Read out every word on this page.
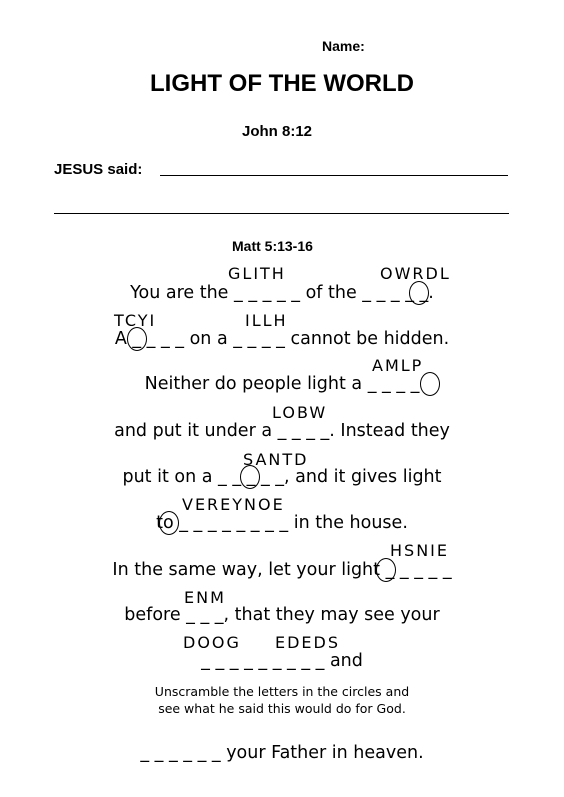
Name:
LIGHT OF THE WORLD
John 8:12
JESUS said:
Matt 5:13-16
GLITH	OWRDL
TCYI	ILLH
AMLP
LOBW
SANTD
VEREYNOE
HSNIE
ENM
DOOG EDEDS
You are the _ _ _ _ _ of the _ _ _ _ _.
A _ _ _ _ on a _ _ _ _ cannot be hidden.
Neither do people light a _ _ _ _
and put it under a _ _ _ _. Instead they
put it on a _ _ _ _ _, and it gives light
to _ _ _ _ _ _ _ _ in the house.
In the same way, let your light _ _ _ _ _
before _ _ _, that they may see your
_ _ _ _ _ _ _ _ _ and
Unscramble the letters in the circles and
see what he said this would do for God.
_ _ _ _ _ _ your Father in heaven.
